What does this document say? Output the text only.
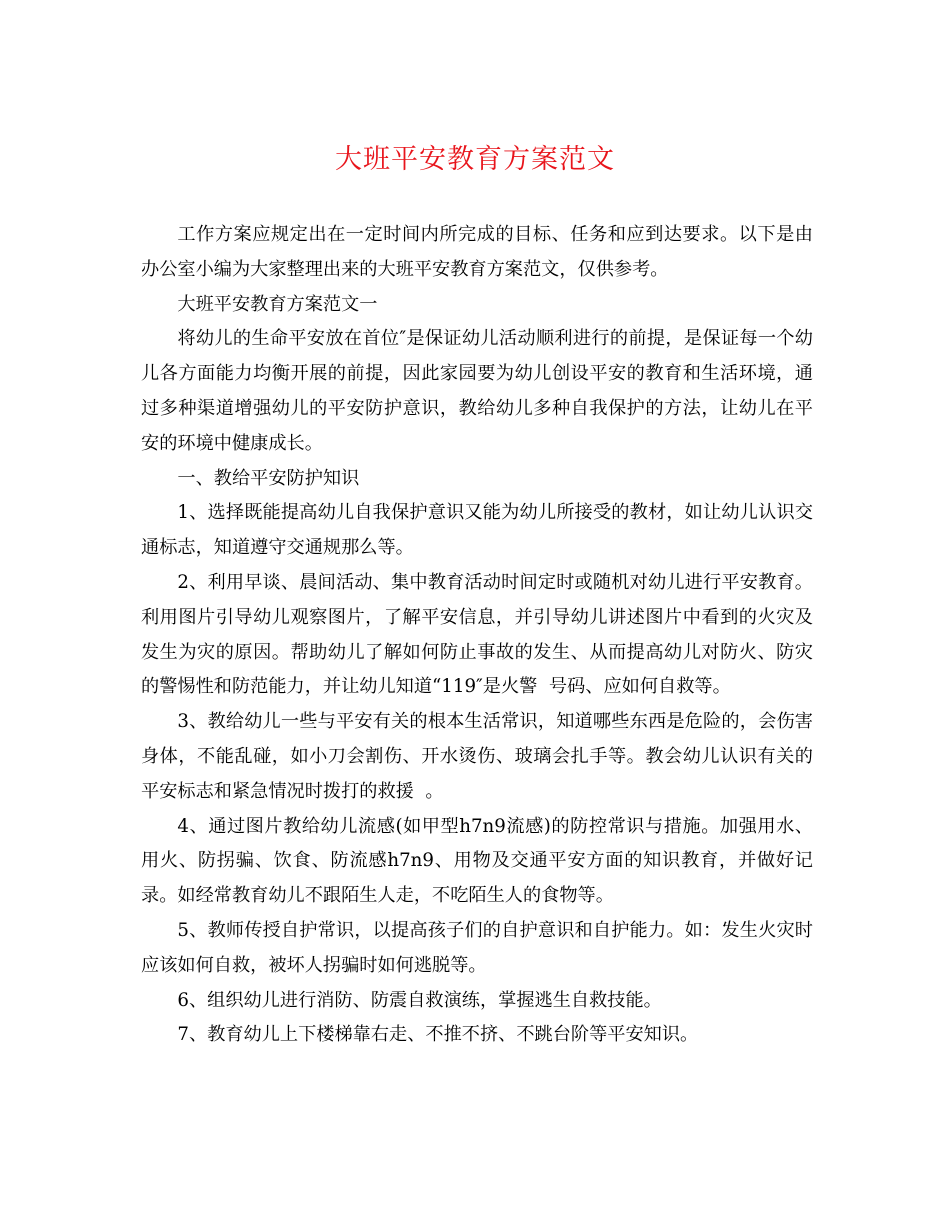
大班平安教育方案范文

工作方案应规定出在一定时间内所完成的目标、任务和应到达要求。以下是由办公室小编为大家整理出来的大班平安教育方案范文，仅供参考。

大班平安教育方案范文一

将幼儿的生命平安放在首位″是保证幼儿活动顺利进行的前提，是保证每一个幼儿各方面能力均衡开展的前提，因此家园要为幼儿创设平安的教育和生活环境，通过多种渠道增强幼儿的平安防护意识，教给幼儿多种自我保护的方法，让幼儿在平安的环境中健康成长。

一、教给平安防护知识

1、选择既能提高幼儿自我保护意识又能为幼儿所接受的教材，如让幼儿认识交通标志，知道遵守交通规那么等。

2、利用早谈、晨间活动、集中教育活动时间定时或随机对幼儿进行平安教育。利用图片引导幼儿观察图片，了解平安信息，并引导幼儿讲述图片中看到的火灾及发生为灾的原因。帮助幼儿了解如何防止事故的发生、从而提高幼儿对防火、防灾的警惕性和防范能力，并让幼儿知道“119″是火警  号码、应如何自救等。

3、教给幼儿一些与平安有关的根本生活常识，知道哪些东西是危险的，会伤害身体，不能乱碰，如小刀会割伤、开水烫伤、玻璃会扎手等。教会幼儿认识有关的平安标志和紧急情况时拨打的救援  。

4、通过图片教给幼儿流感(如甲型h7n9流感)的防控常识与措施。加强用水、用火、防拐骗、饮食、防流感h7n9、用物及交通平安方面的知识教育，并做好记录。如经常教育幼儿不跟陌生人走，不吃陌生人的食物等。

5、教师传授自护常识，以提高孩子们的自护意识和自护能力。如：发生火灾时应该如何自救，被坏人拐骗时如何逃脱等。

6、组织幼儿进行消防、防震自救演练，掌握逃生自救技能。

7、教育幼儿上下楼梯靠右走、不推不挤、不跳台阶等平安知识。
